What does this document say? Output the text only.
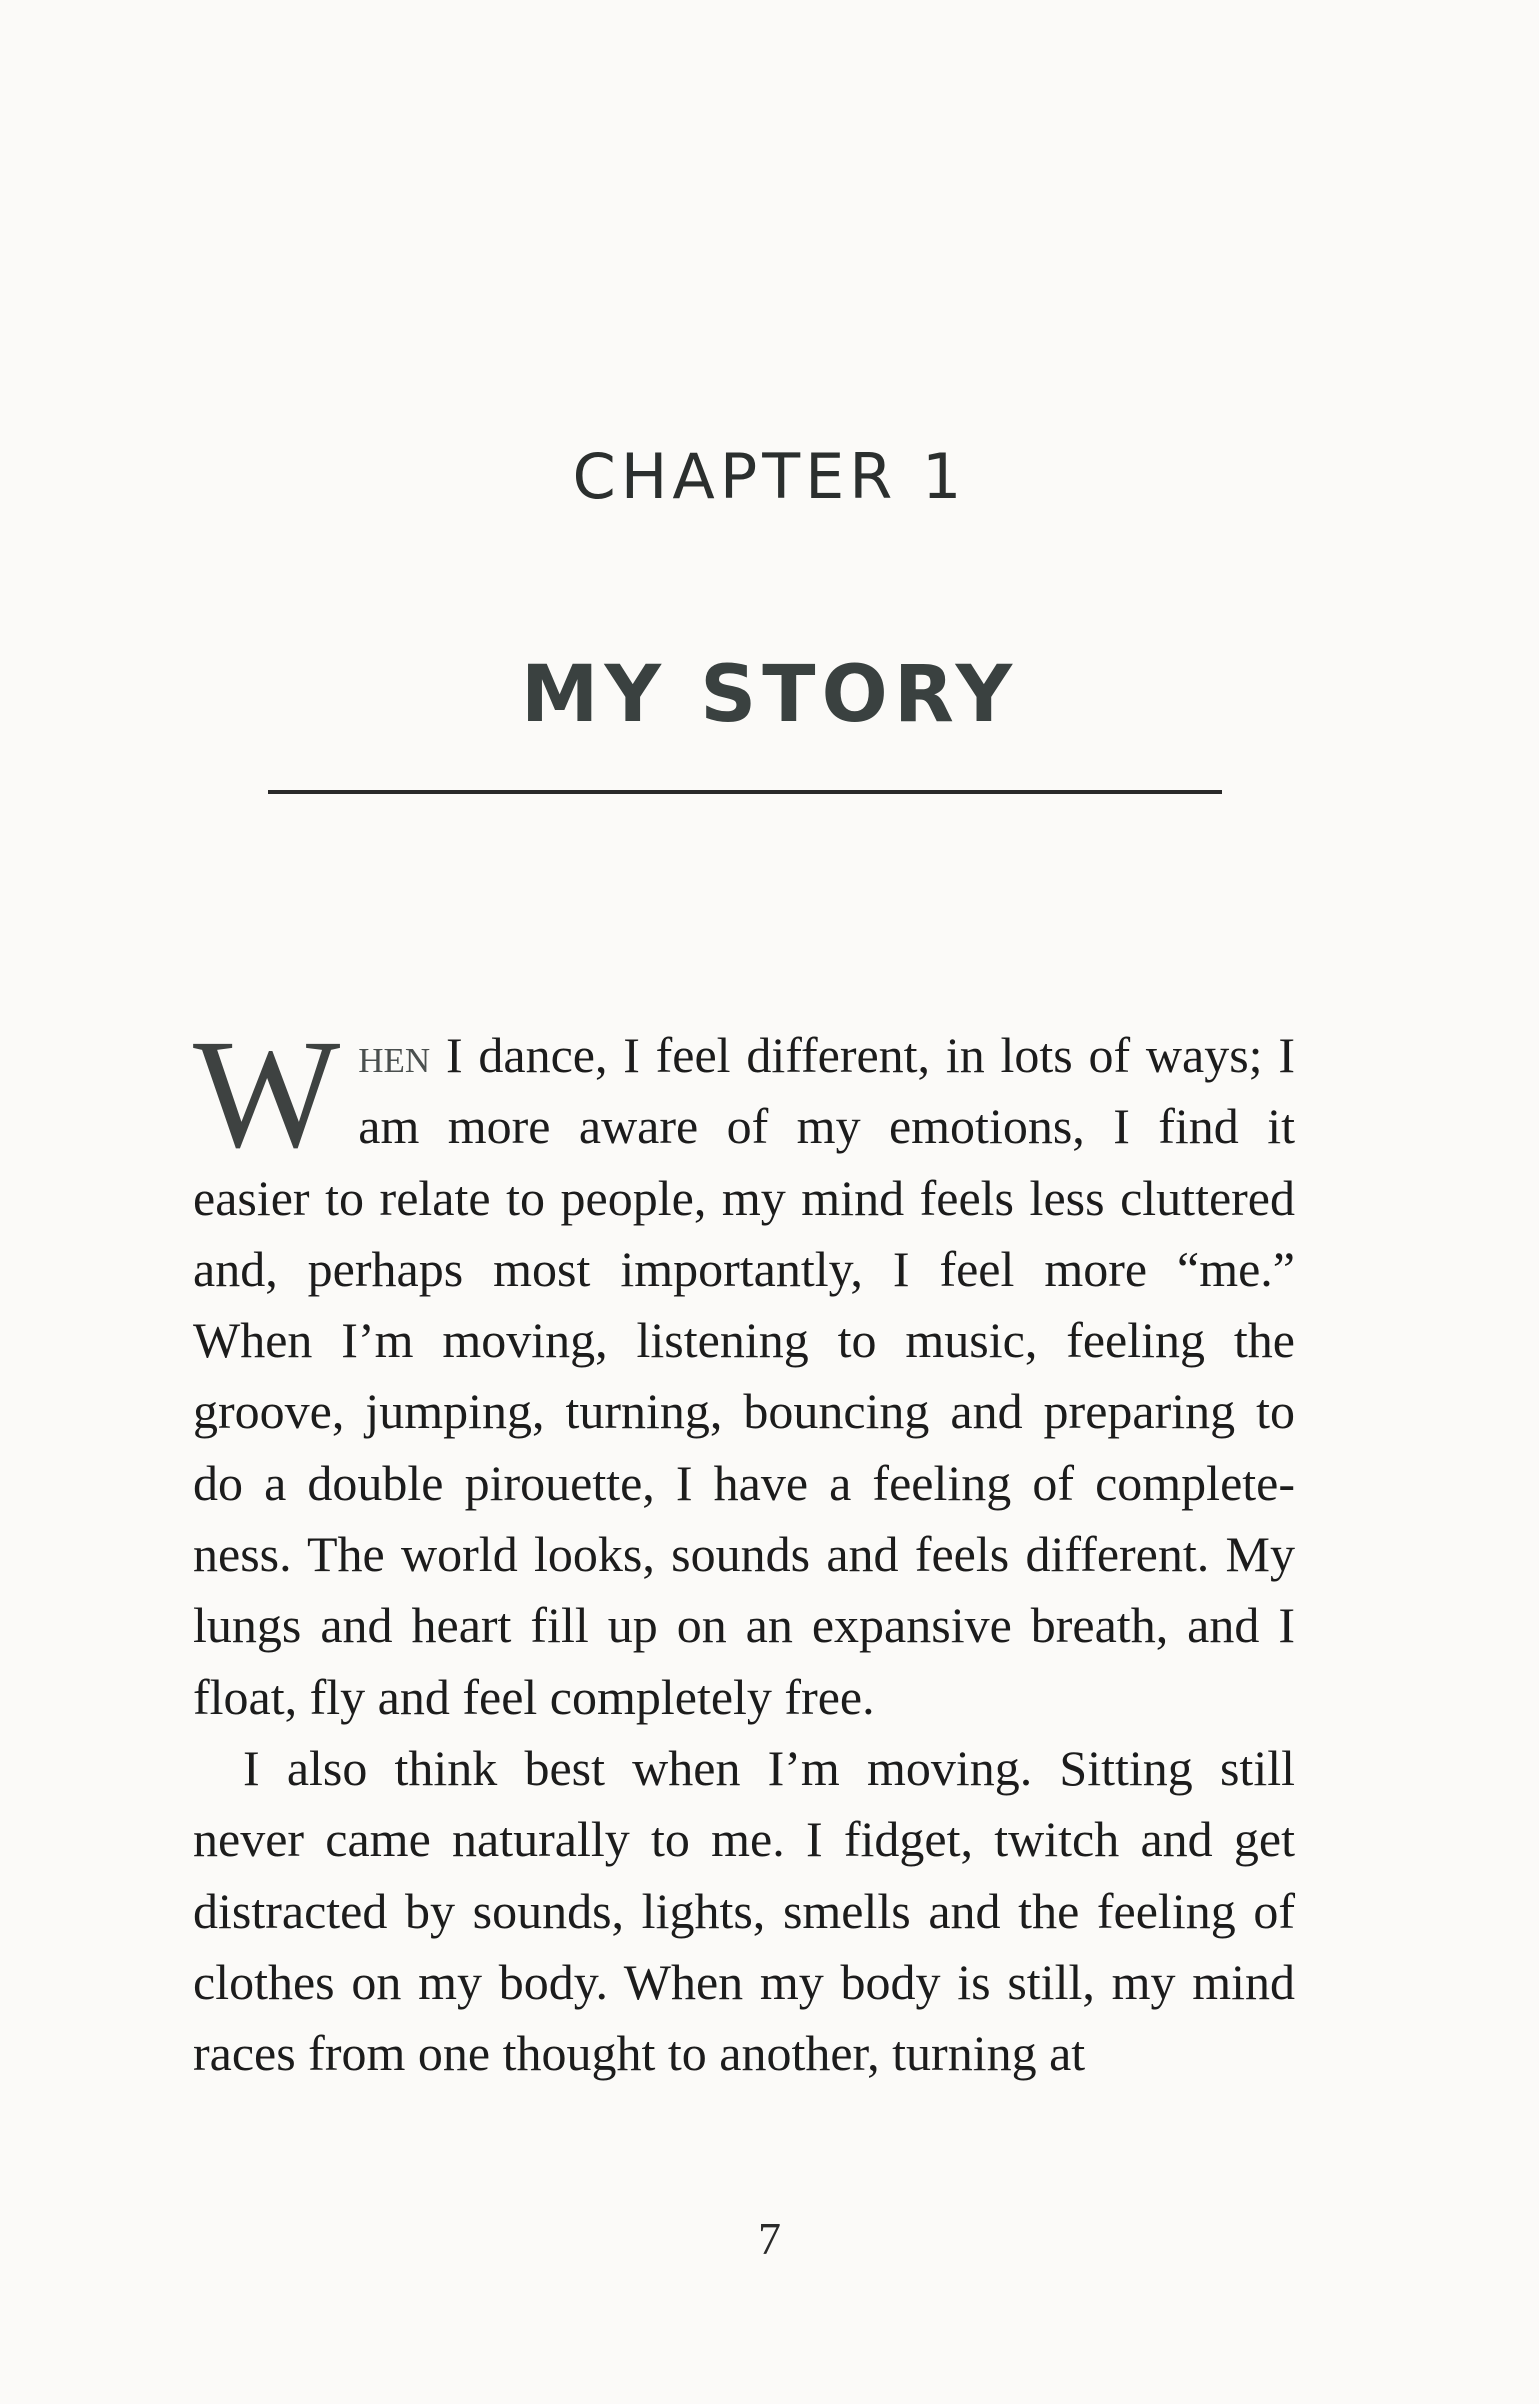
CHAPTER 1
MY STORY

When I dance, I feel different, in lots of ways; I am more aware of my emotions, I find it easier to relate to people, my mind feels less cluttered and, perhaps most importantly, I feel more “me.” When I’m moving, listening to music, feeling the groove, jumping, turning, bouncing and preparing to do a double pirouette, I have a feeling of completeness. The world looks, sounds and feels different. My lungs and heart fill up on an expansive breath, and I float, fly and feel completely free.

I also think best when I’m moving. Sitting still never came naturally to me. I fidget, twitch and get distracted by sounds, lights, smells and the feeling of clothes on my body. When my body is still, my mind races from one thought to another, turning at

7
